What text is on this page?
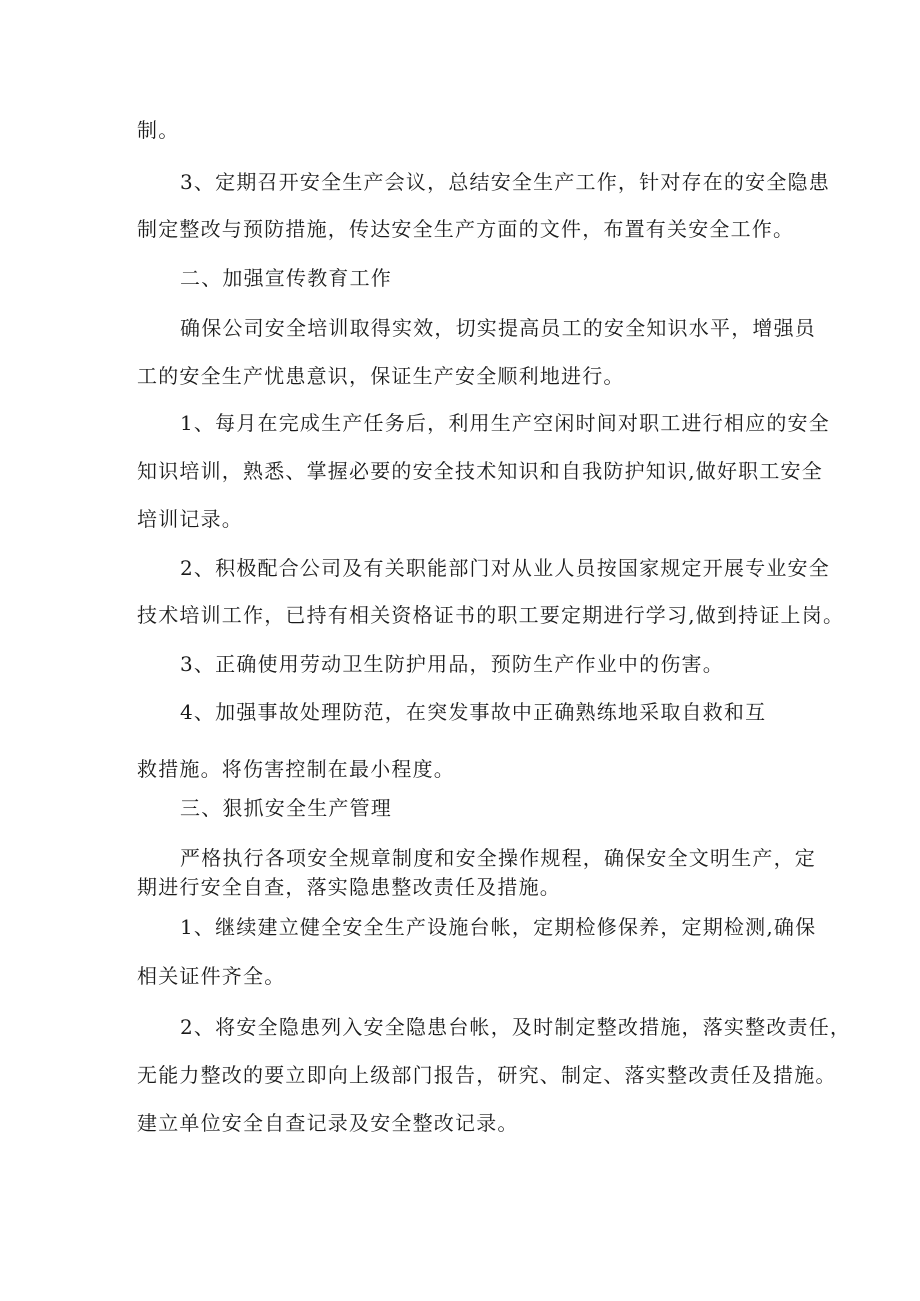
制。
3、定期召开安全生产会议，总结安全生产工作，针对存在的安全隐患
制定整改与预防措施，传达安全生产方面的文件，布置有关安全工作。
二、加强宣传教育工作
确保公司安全培训取得实效，切实提高员工的安全知识水平，增强员
工的安全生产忧患意识，保证生产安全顺利地进行。
1、每月在完成生产任务后，利用生产空闲时间对职工进行相应的安全
知识培训，熟悉、掌握必要的安全技术知识和自我防护知识,做好职工安全
培训记录。
2、积极配合公司及有关职能部门对从业人员按国家规定开展专业安全
技术培训工作，已持有相关资格证书的职工要定期进行学习,做到持证上岗。
3、正确使用劳动卫生防护用品，预防生产作业中的伤害。
4、加强事故处理防范，在突发事故中正确熟练地采取自救和互
救措施。将伤害控制在最小程度。
三、狠抓安全生产管理
严格执行各项安全规章制度和安全操作规程，确保安全文明生产，定
期进行安全自查，落实隐患整改责任及措施。
1、继续建立健全安全生产设施台帐，定期检修保养，定期检测,确保
相关证件齐全。
2、将安全隐患列入安全隐患台帐，及时制定整改措施，落实整改责任，
无能力整改的要立即向上级部门报告，研究、制定、落实整改责任及措施。
建立单位安全自查记录及安全整改记录。
